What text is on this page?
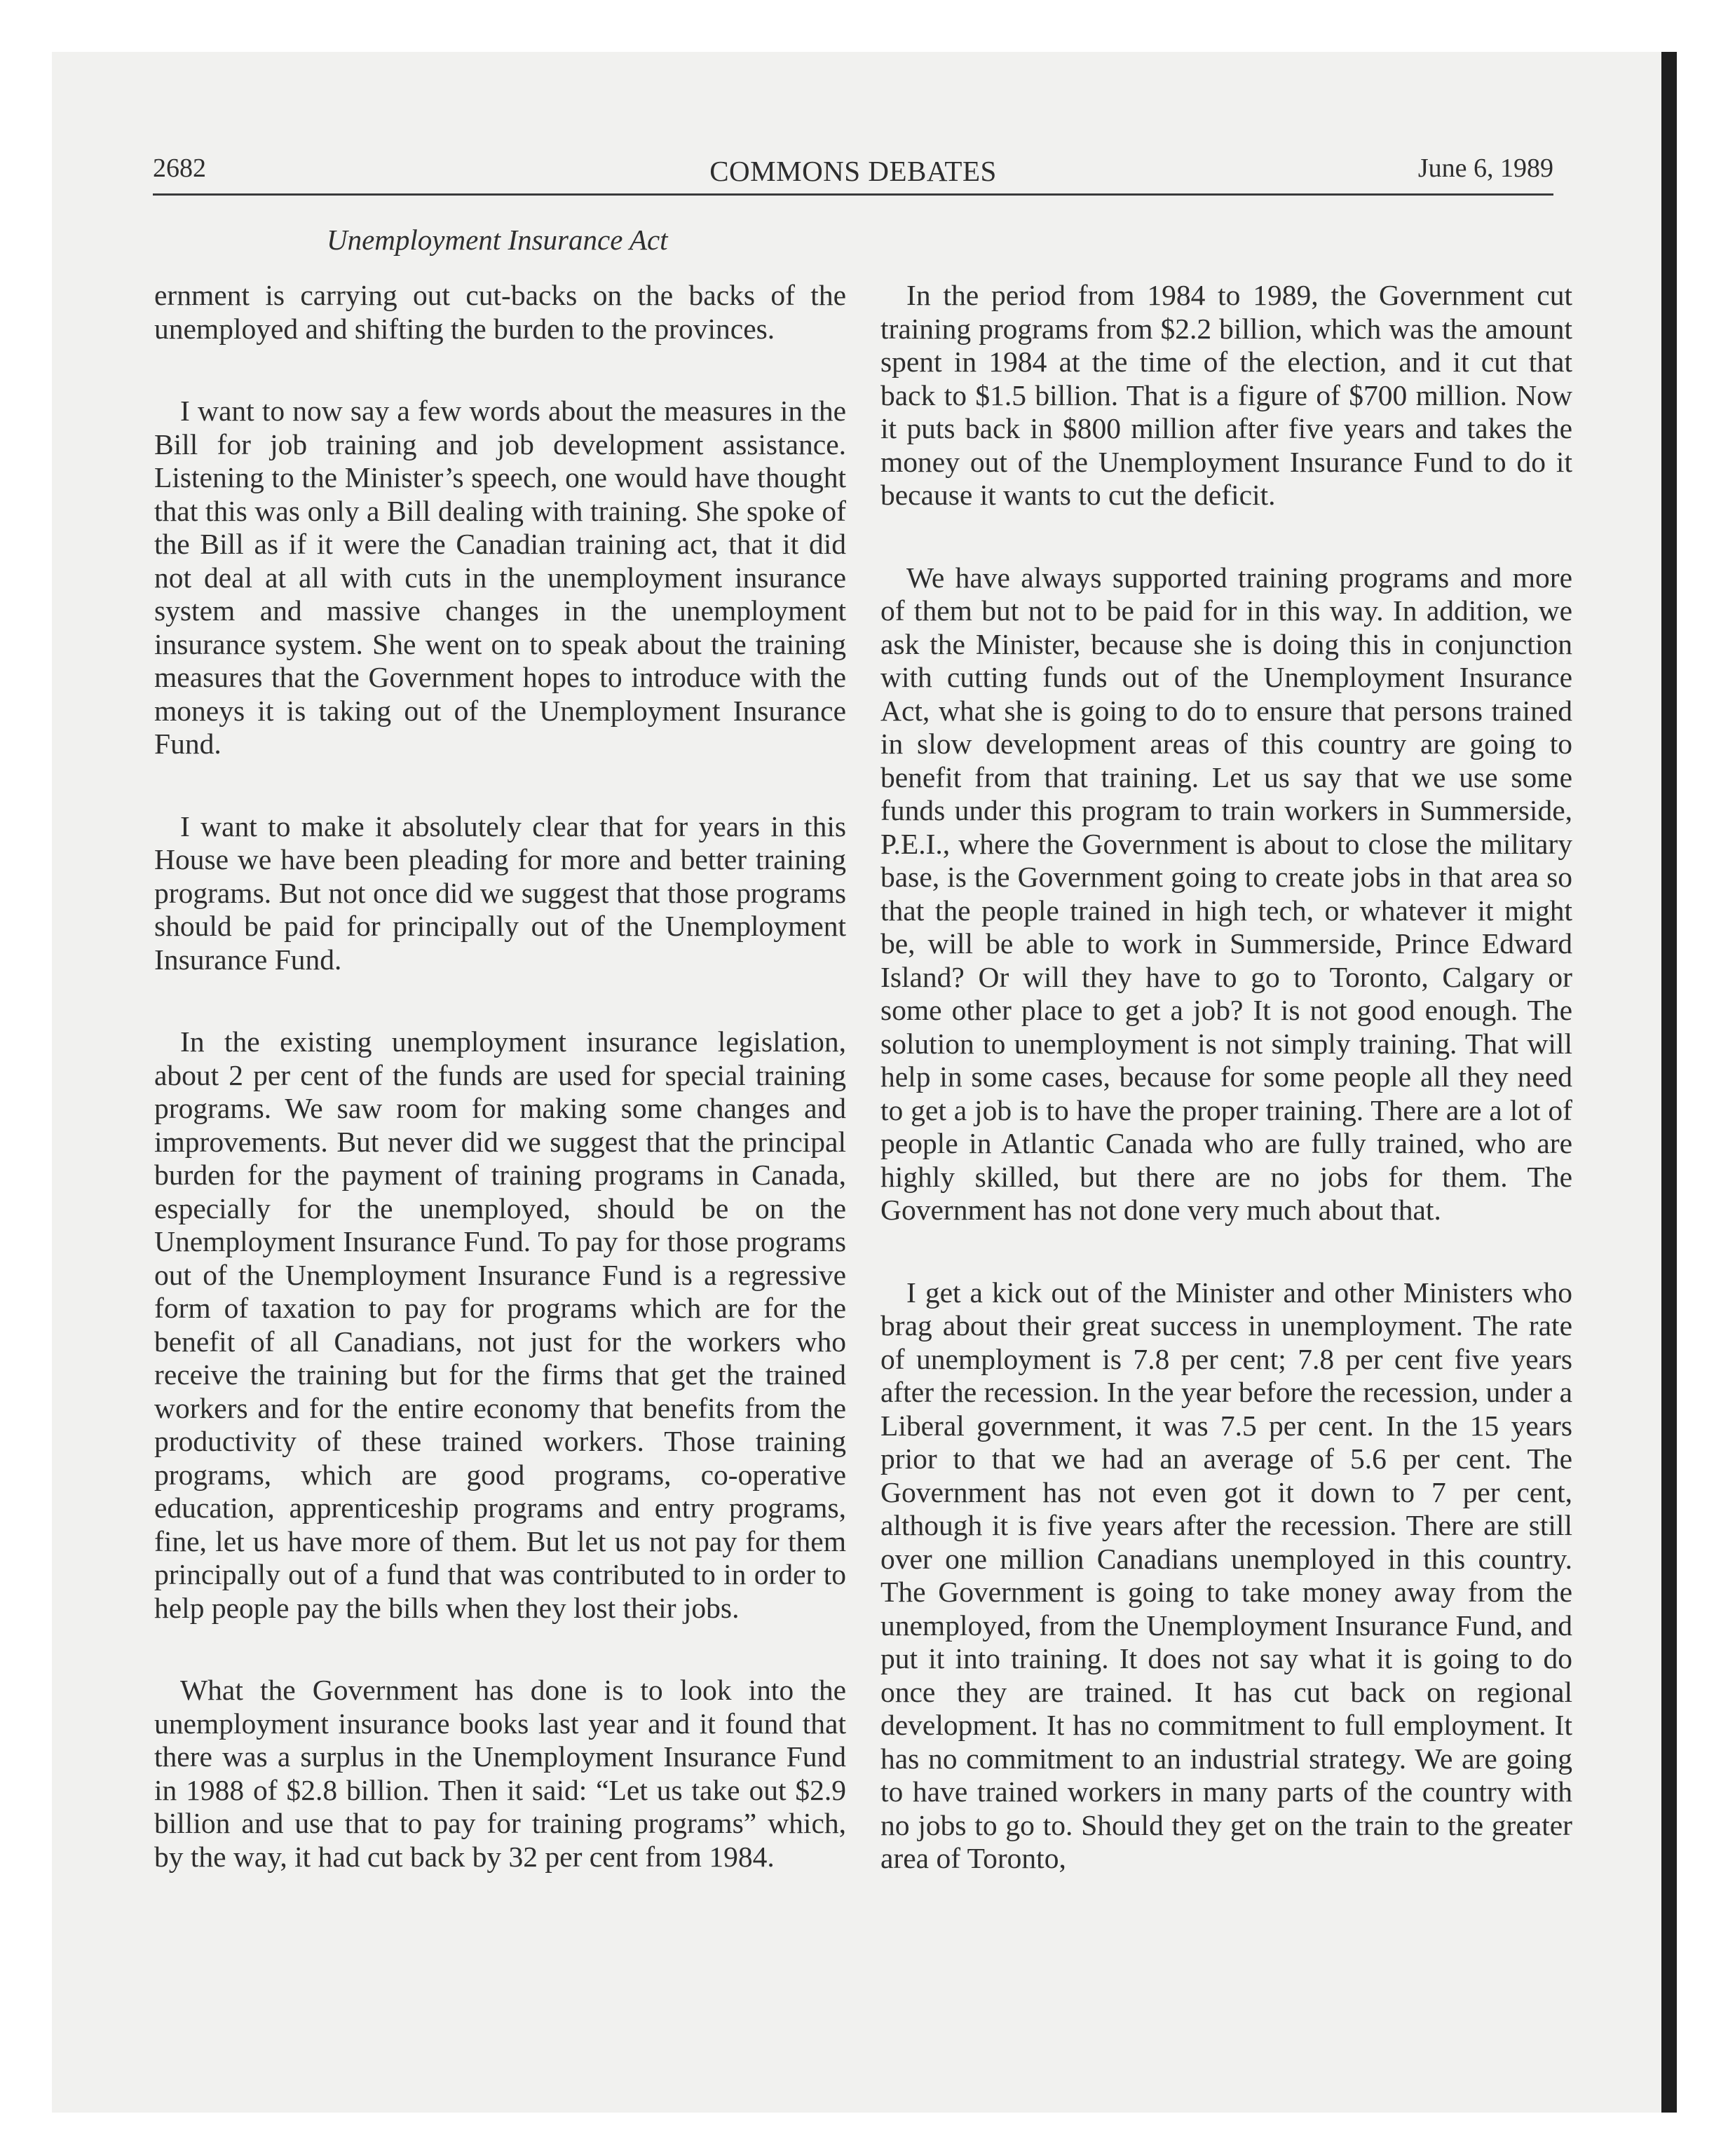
2682	COMMONS DEBATES	June 6, 1989
Unemployment Insurance Act

ernment is carrying out cut-backs on the backs of the unemployed and shifting the burden to the provinces.

I want to now say a few words about the measures in the Bill for job training and job development assistance. Listening to the Minister’s speech, one would have thought that this was only a Bill dealing with training. She spoke of the Bill as if it were the Canadian training act, that it did not deal at all with cuts in the unemployment insurance system and massive changes in the unemployment insurance system. She went on to speak about the training measures that the Government hopes to introduce with the moneys it is taking out of the Unemployment Insurance Fund.

I want to make it absolutely clear that for years in this House we have been pleading for more and better training programs. But not once did we suggest that those programs should be paid for principally out of the Unemployment Insurance Fund.

In the existing unemployment insurance legislation, about 2 per cent of the funds are used for special training programs. We saw room for making some changes and improvements. But never did we suggest that the principal burden for the payment of training programs in Canada, especially for the unemployed, should be on the Unemployment Insurance Fund. To pay for those programs out of the Unemployment Insurance Fund is a regressive form of taxation to pay for programs which are for the benefit of all Canadians, not just for the workers who receive the training but for the firms that get the trained workers and for the entire economy that benefits from the productivity of these trained workers. Those training programs, which are good programs, co-operative education, apprenticeship programs and entry programs, fine, let us have more of them. But let us not pay for them principally out of a fund that was contributed to in order to help people pay the bills when they lost their jobs.

What the Government has done is to look into the unemployment insurance books last year and it found that there was a surplus in the Unemployment Insurance Fund in 1988 of $2.8 billion. Then it said: “Let us take out $2.9 billion and use that to pay for training programs” which, by the way, it had cut back by 32 per cent from 1984.

In the period from 1984 to 1989, the Government cut training programs from $2.2 billion, which was the amount spent in 1984 at the time of the election, and it cut that back to $1.5 billion. That is a figure of $700 million. Now it puts back in $800 million after five years and takes the money out of the Unemployment Insurance Fund to do it because it wants to cut the deficit.

We have always supported training programs and more of them but not to be paid for in this way. In addition, we ask the Minister, because she is doing this in conjunction with cutting funds out of the Unemployment Insurance Act, what she is going to do to ensure that persons trained in slow development areas of this country are going to benefit from that training. Let us say that we use some funds under this program to train workers in Summerside, P.E.I., where the Government is about to close the military base, is the Government going to create jobs in that area so that the people trained in high tech, or whatever it might be, will be able to work in Summerside, Prince Edward Island? Or will they have to go to Toronto, Calgary or some other place to get a job? It is not good enough. The solution to unemployment is not simply training. That will help in some cases, because for some people all they need to get a job is to have the proper training. There are a lot of people in Atlantic Canada who are fully trained, who are highly skilled, but there are no jobs for them. The Government has not done very much about that.

I get a kick out of the Minister and other Ministers who brag about their great success in unemployment. The rate of unemployment is 7.8 per cent; 7.8 per cent five years after the recession. In the year before the recession, under a Liberal government, it was 7.5 per cent. In the 15 years prior to that we had an average of 5.6 per cent. The Government has not even got it down to 7 per cent, although it is five years after the recession. There are still over one million Canadians unemployed in this country. The Government is going to take money away from the unemployed, from the Unemployment Insurance Fund, and put it into training. It does not say what it is going to do once they are trained. It has cut back on regional development. It has no commitment to full employment. It has no commitment to an industrial strategy. We are going to have trained workers in many parts of the country with no jobs to go to. Should they get on the train to the greater area of Toronto,
